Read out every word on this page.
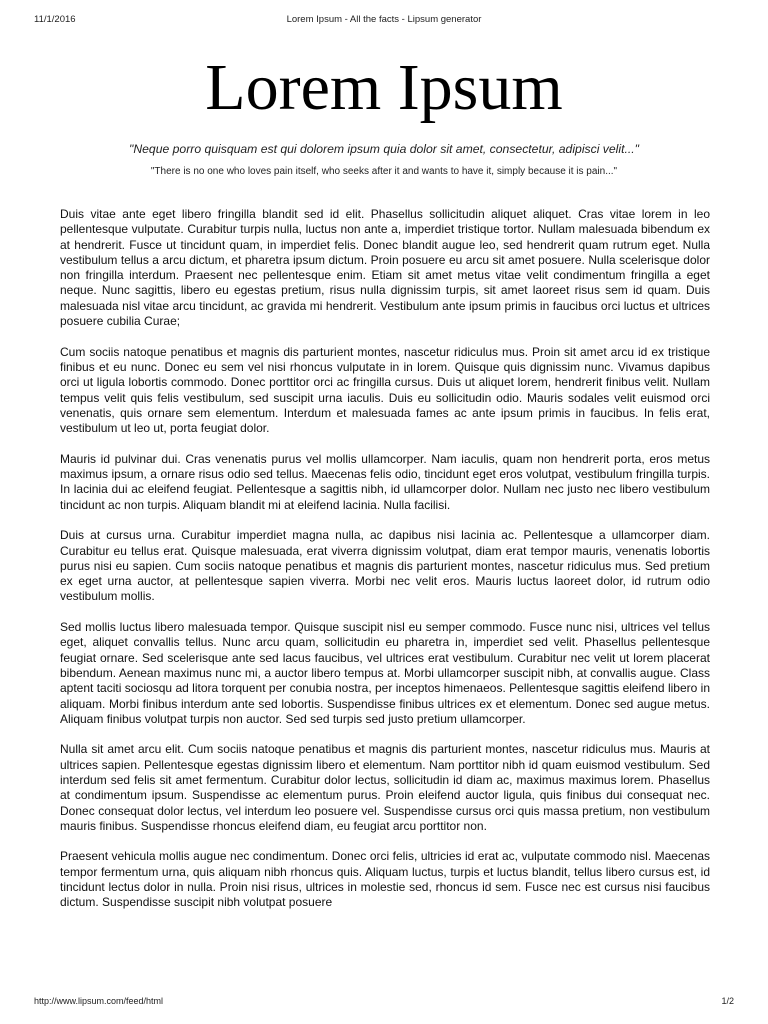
11/1/2016	Lorem Ipsum - All the facts - Lipsum generator
Lorem Ipsum
"Neque porro quisquam est qui dolorem ipsum quia dolor sit amet, consectetur, adipisci velit..."
"There is no one who loves pain itself, who seeks after it and wants to have it, simply because it is pain..."

Duis vitae ante eget libero fringilla blandit sed id elit. Phasellus sollicitudin aliquet aliquet. Cras vitae lorem in leo pellentesque vulputate. Curabitur turpis nulla, luctus non ante a, imperdiet tristique tortor. Nullam malesuada bibendum ex at hendrerit. Fusce ut tincidunt quam, in imperdiet felis. Donec blandit augue leo, sed hendrerit quam rutrum eget. Nulla vestibulum tellus a arcu dictum, et pharetra ipsum dictum. Proin posuere eu arcu sit amet posuere. Nulla scelerisque dolor non fringilla interdum. Praesent nec pellentesque enim. Etiam sit amet metus vitae velit condimentum fringilla a eget neque. Nunc sagittis, libero eu egestas pretium, risus nulla dignissim turpis, sit amet laoreet risus sem id quam. Duis malesuada nisl vitae arcu tincidunt, ac gravida mi hendrerit. Vestibulum ante ipsum primis in faucibus orci luctus et ultrices posuere cubilia Curae;

Cum sociis natoque penatibus et magnis dis parturient montes, nascetur ridiculus mus. Proin sit amet arcu id ex tristique finibus et eu nunc. Donec eu sem vel nisi rhoncus vulputate in in lorem. Quisque quis dignissim nunc. Vivamus dapibus orci ut ligula lobortis commodo. Donec porttitor orci ac fringilla cursus. Duis ut aliquet lorem, hendrerit finibus velit. Nullam tempus velit quis felis vestibulum, sed suscipit urna iaculis. Duis eu sollicitudin odio. Mauris sodales velit euismod orci venenatis, quis ornare sem elementum. Interdum et malesuada fames ac ante ipsum primis in faucibus. In felis erat, vestibulum ut leo ut, porta feugiat dolor.

Mauris id pulvinar dui. Cras venenatis purus vel mollis ullamcorper. Nam iaculis, quam non hendrerit porta, eros metus maximus ipsum, a ornare risus odio sed tellus. Maecenas felis odio, tincidunt eget eros volutpat, vestibulum fringilla turpis. In lacinia dui ac eleifend feugiat. Pellentesque a sagittis nibh, id ullamcorper dolor. Nullam nec justo nec libero vestibulum tincidunt ac non turpis. Aliquam blandit mi at eleifend lacinia. Nulla facilisi.

Duis at cursus urna. Curabitur imperdiet magna nulla, ac dapibus nisi lacinia ac. Pellentesque a ullamcorper diam. Curabitur eu tellus erat. Quisque malesuada, erat viverra dignissim volutpat, diam erat tempor mauris, venenatis lobortis purus nisi eu sapien. Cum sociis natoque penatibus et magnis dis parturient montes, nascetur ridiculus mus. Sed pretium ex eget urna auctor, at pellentesque sapien viverra. Morbi nec velit eros. Mauris luctus laoreet dolor, id rutrum odio vestibulum mollis.

Sed mollis luctus libero malesuada tempor. Quisque suscipit nisl eu semper commodo. Fusce nunc nisi, ultrices vel tellus eget, aliquet convallis tellus. Nunc arcu quam, sollicitudin eu pharetra in, imperdiet sed velit. Phasellus pellentesque feugiat ornare. Sed scelerisque ante sed lacus faucibus, vel ultrices erat vestibulum. Curabitur nec velit ut lorem placerat bibendum. Aenean maximus nunc mi, a auctor libero tempus at. Morbi ullamcorper suscipit nibh, at convallis augue. Class aptent taciti sociosqu ad litora torquent per conubia nostra, per inceptos himenaeos. Pellentesque sagittis eleifend libero in aliquam. Morbi finibus interdum ante sed lobortis. Suspendisse finibus ultrices ex et elementum. Donec sed augue metus. Aliquam finibus volutpat turpis non auctor. Sed sed turpis sed justo pretium ullamcorper.

Nulla sit amet arcu elit. Cum sociis natoque penatibus et magnis dis parturient montes, nascetur ridiculus mus. Mauris at ultrices sapien. Pellentesque egestas dignissim libero et elementum. Nam porttitor nibh id quam euismod vestibulum. Sed interdum sed felis sit amet fermentum. Curabitur dolor lectus, sollicitudin id diam ac, maximus maximus lorem. Phasellus at condimentum ipsum. Suspendisse ac elementum purus. Proin eleifend auctor ligula, quis finibus dui consequat nec. Donec consequat dolor lectus, vel interdum leo posuere vel. Suspendisse cursus orci quis massa pretium, non vestibulum mauris finibus. Suspendisse rhoncus eleifend diam, eu feugiat arcu porttitor non.

Praesent vehicula mollis augue nec condimentum. Donec orci felis, ultricies id erat ac, vulputate commodo nisl. Maecenas tempor fermentum urna, quis aliquam nibh rhoncus quis. Aliquam luctus, turpis et luctus blandit, tellus libero cursus est, id tincidunt lectus dolor in nulla. Proin nisi risus, ultrices in molestie sed, rhoncus id sem. Fusce nec est cursus nisi faucibus dictum. Suspendisse suscipit nibh volutpat posuere

http://www.lipsum.com/feed/html	1/2
